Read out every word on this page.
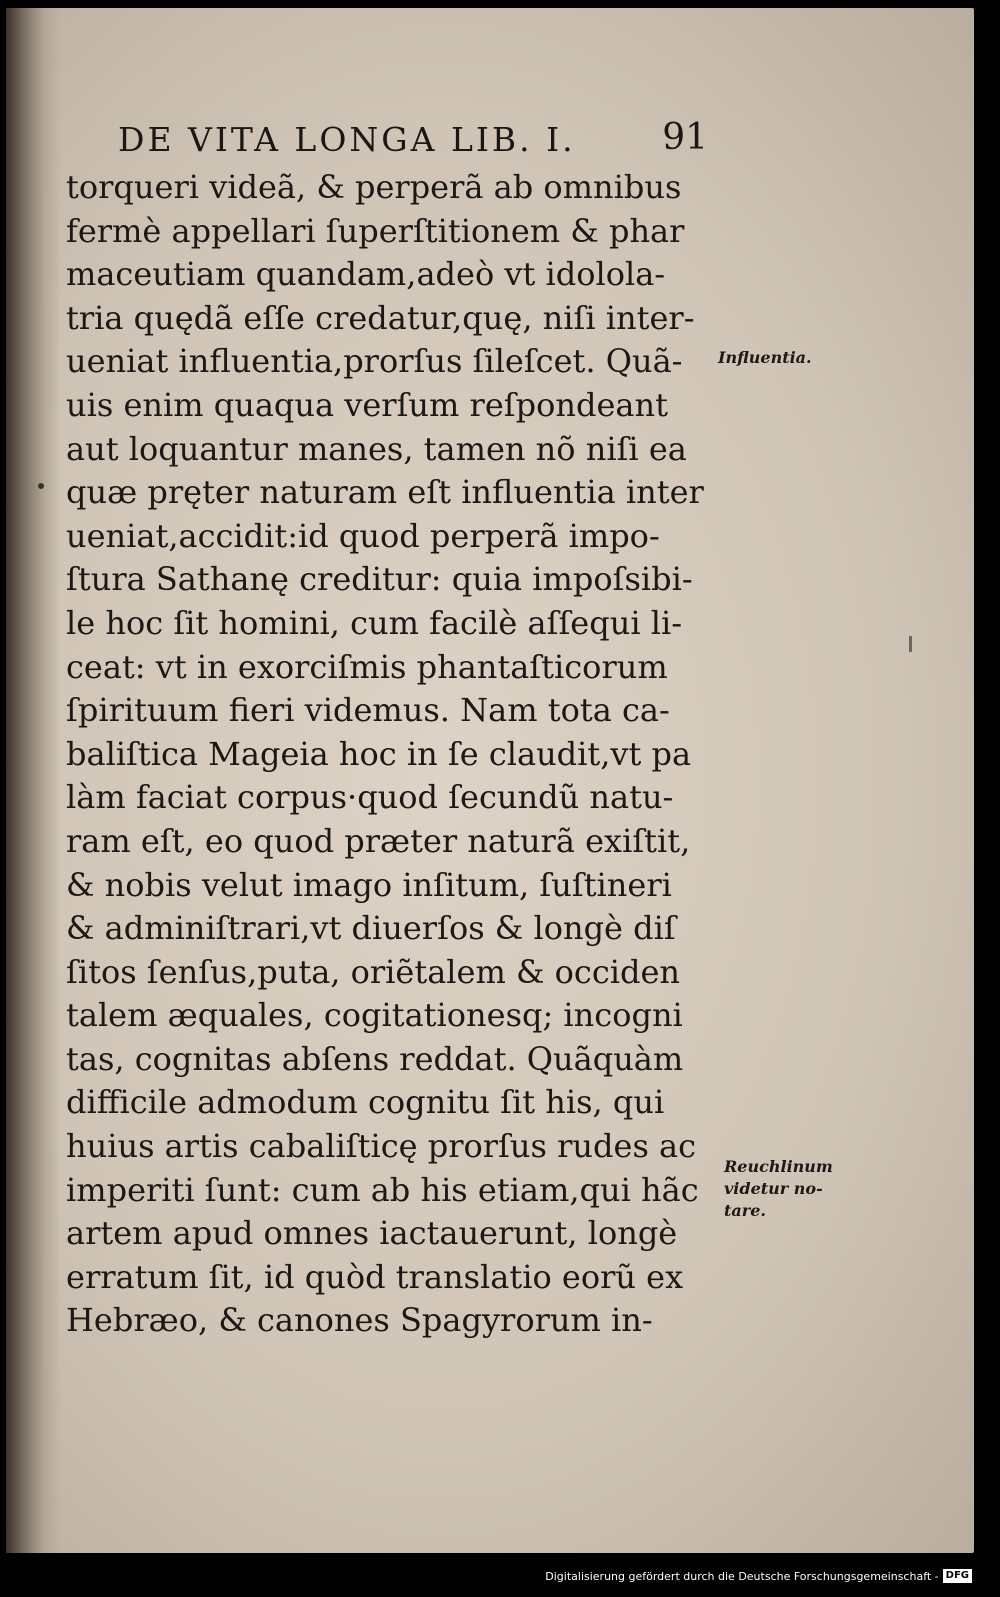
DE VITA LONGA LIB. I. 91
torqueri videã, & perperã ab omnibus
fermè appellari ſuperſtitionem & phar
maceutiam quandam,adeò vt idolola-
tria quędã eſſe credatur,quę, niſi inter-
ueniat influentia,prorſus ſileſcet. Quã-
uis enim quaqua verſum reſpondeant
aut loquantur manes, tamen nõ niſi ea
quæ pręter naturam eſt influentia inter
ueniat,accidit:id quod perperã impo-
ſtura Sathanę creditur: quia impoſsibi-
le hoc ſit homini, cum facilè aſſequi li-
ceat: vt in exorciſmis phantaſticorum
ſpirituum fieri videmus. Nam tota ca-
baliſtica Mageia hoc in ſe claudit,vt pa
làm faciat corpus·quod ſecundũ natu-
ram eſt, eo quod præter naturã exiſtit,
& nobis velut imago inſitum, ſuſtineri
& adminiſtrari,vt diuerſos & longè diſ
ſitos ſenſus,puta, oriẽtalem & occiden
talem æquales, cogitationesq; incogni
tas, cognitas abſens reddat. Quãquàm
difficile admodum cognitu ſit his, qui
huius artis cabaliſticę prorſus rudes ac
imperiti ſunt: cum ab his etiam,qui hãc
artem apud omnes iactauerunt, longè
erratum ſit, id quòd translatio eorũ ex
Hebræo, & canones Spagyrorum in-
Influentia.
Reuchlinum
videtur no-
tare.
Digitalisierung gefördert durch die Deutsche Forschungsgemeinschaft - DFG
